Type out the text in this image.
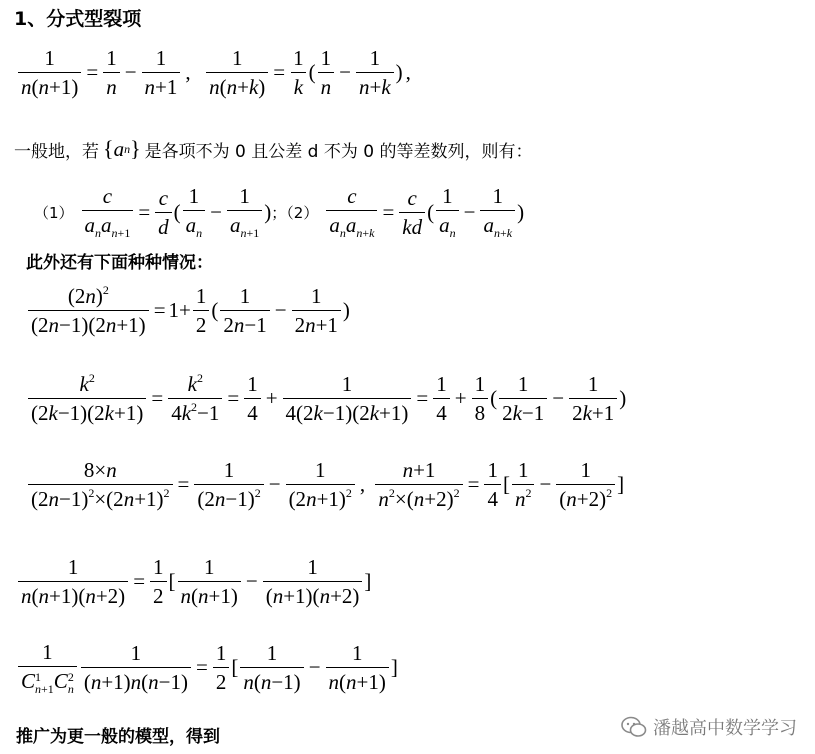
1、分式型裂项
$\frac{1}{n(n+1)} = \frac{1}{n} - \frac{1}{n+1}$ ,
$\frac{1}{n(n+k)} = \frac{1}{k}$ ( $\frac{1}{n} - \frac{1}{n+k}$ ) ,
一般地，若 { a n } 是各项不为 0 且公差 d 不为 0 的等差数列，则有：
$(1) \frac{c}{a_na_{n+1}} = \frac{c}{d}$ ( $\frac{1}{a_n} - \frac{1}{a_{n+1}}$ ) ；$(2) \frac{c}{a_na_{n+k}} = \frac{c}{kd}$ ( $\frac{1}{a_n} - \frac{1}{a_{n+k}}$ )
此外还有下面种种情况：
$\frac{(2n)^2}{(2n-1)(2n+1)} = 1+ \frac{1}{2}$ ( $\frac{1}{2n-1} - \frac{1}{2n+1}$ )
$\frac{k^2}{(2k-1)(2k+1)} = \frac{k^2}{4k^2-1} = \frac{1}{4} + \frac{1}{4(2k-1)(2k+1)} = \frac{1}{4} + \frac{1}{8}$ ( $\frac{1}{2k-1} - \frac{1}{2k+1}$ )
$\frac{8\times n}{(2n-1)^2\times(2n+1)^2} = \frac{1}{(2n-1)^2} - \frac{1}{(2n+1)^2}$ ,
$\frac{n+1}{n^2\times(n+2)^2} = \frac{1}{4}$ [ $\frac{1}{n^2} - \frac{1}{(n+2)^2}$ ]
$\frac{1}{n(n+1)(n+2)} = \frac{1}{2}$ [ $\frac{1}{n(n+1)} - \frac{1}{(n+1)(n+2)}$ ]
1
C 1
n+1 C 2
n $\frac{1}{(n+1)n(n-1)} = \frac{1}{2}$ [ $\frac{1}{n(n-1)} - \frac{1}{n(n+1)}$ ]
推广为更一般的模型，得到	潘越高中数学学习
